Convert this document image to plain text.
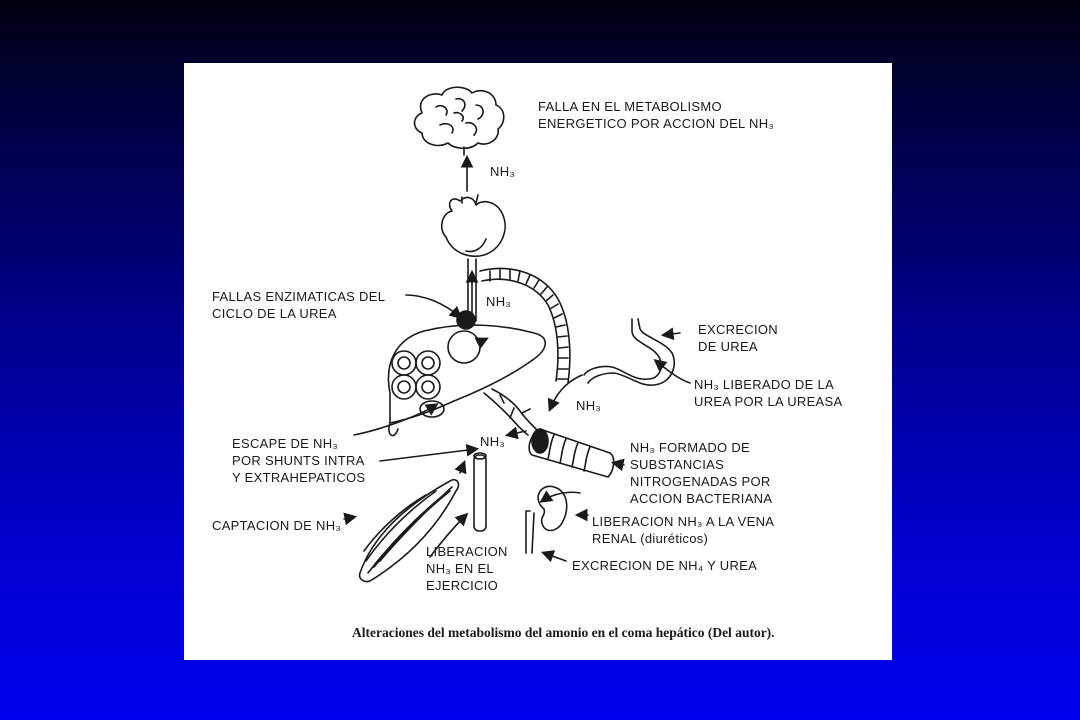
FALLA EN EL METABOLISMO
ENERGETICO POR ACCION DEL NH₃
NH₃
NH₃
FALLAS ENZIMATICAS DEL
CICLO DE LA UREA
EXCRECION
DE UREA
NH₃ LIBERADO DE LA
UREA POR LA UREASA
NH₃
NH₃
ESCAPE DE NH₃
POR SHUNTS INTRA
Y EXTRAHEPATICOS
NH₃ FORMADO DE
SUBSTANCIAS
NITROGENADAS POR
ACCION BACTERIANA
CAPTACION DE NH₃	LIBERACION NH₃ A LA VENA
RENAL (diuréticos)
LIBERACION
NH₃ EN EL
EJERCICIO
EXCRECION DE NH₄ Y UREA
Alteraciones del metabolismo del amonio en el coma hepático (Del autor).
